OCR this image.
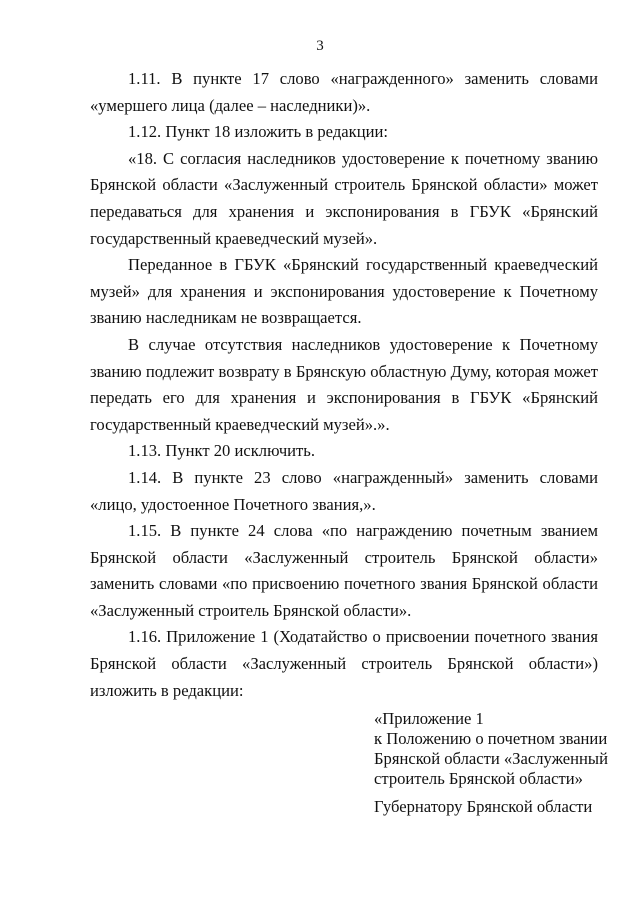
3

1.11. В пункте 17 слово «награжденного» заменить словами «умершего лица (далее – наследники)».

1.12. Пункт 18 изложить в редакции:

«18. С согласия наследников удостоверение к почетному званию Брянской области «Заслуженный строитель Брянской области» может передаваться для хранения и экспонирования в ГБУК «Брянский государственный краеведческий музей».

Переданное в ГБУК «Брянский государственный краеведческий музей» для хранения и экспонирования удостоверение к Почетному званию наследникам не возвращается.

В случае отсутствия наследников удостоверение к Почетному званию подлежит возврату в Брянскую областную Думу, которая может передать его для хранения и экспонирования в ГБУК «Брянский государственный краеведческий музей».».

1.13. Пункт 20 исключить.

1.14. В пункте 23 слово «награжденный» заменить словами «лицо, удостоенное Почетного звания,».

1.15. В пункте 24 слова «по награждению почетным званием Брянской области «Заслуженный строитель Брянской области» заменить словами «по присвоению почетного звания Брянской области «Заслуженный строитель Брянской области».

1.16. Приложение 1 (Ходатайство о присвоении почетного звания Брянской области «Заслуженный строитель Брянской области») изложить в редакции:

«Приложение 1
к Положению о почетном звании
Брянской области «Заслуженный
строитель Брянской области»
Губернатору Брянской области
